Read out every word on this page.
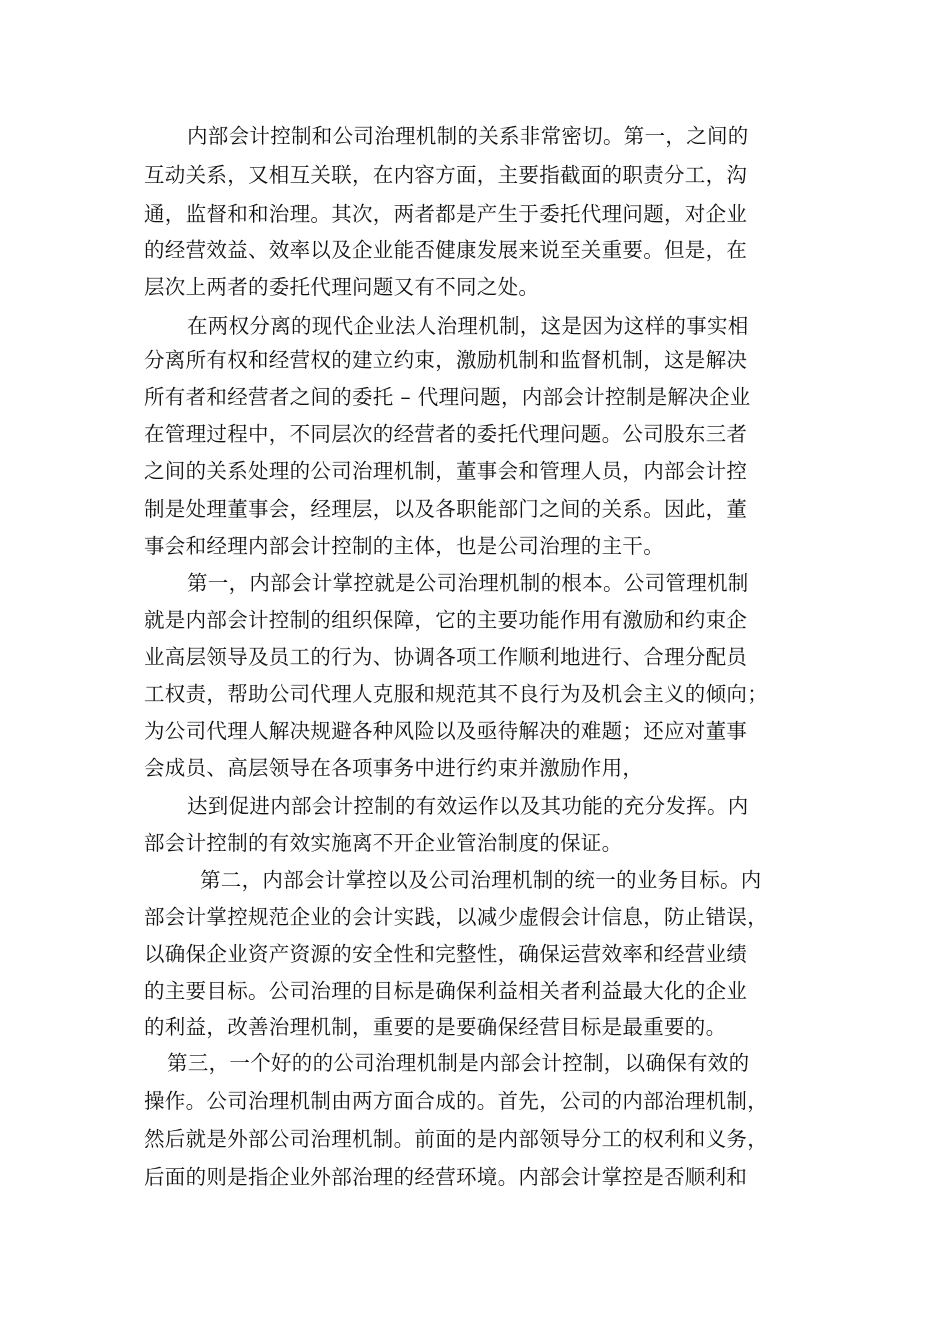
内部会计控制和公司治理机制的关系非常密切。第一，之间的
互动关系，又相互关联，在内容方面，主要指截面的职责分工，沟
通，监督和和治理。其次，两者都是产生于委托代理问题，对企业
的经营效益、效率以及企业能否健康发展来说至关重要。但是，在
层次上两者的委托代理问题又有不同之处。
在两权分离的现代企业法人治理机制，这是因为这样的事实相
分离所有权和经营权的建立约束，激励机制和监督机制，这是解决
所有者和经营者之间的委托 – 代理问题，内部会计控制是解决企业
在管理过程中，不同层次的经营者的委托代理问题。公司股东三者
之间的关系处理的公司治理机制，董事会和管理人员，内部会计控
制是处理董事会，经理层，以及各职能部门之间的关系。因此，董
事会和经理内部会计控制的主体，也是公司治理的主干。
第一，内部会计掌控就是公司治理机制的根本。公司管理机制
就是内部会计控制的组织保障，它的主要功能作用有激励和约束企
业高层领导及员工的行为、协调各项工作顺利地进行、合理分配员
工权责，帮助公司代理人克服和规范其不良行为及机会主义的倾向；
为公司代理人解决规避各种风险以及亟待解决的难题；还应对董事
会成员、高层领导在各项事务中进行约束并激励作用，
达到促进内部会计控制的有效运作以及其功能的充分发挥。内
部会计控制的有效实施离不开企业管治制度的保证。
第二，内部会计掌控以及公司治理机制的统一的业务目标。内
部会计掌控规范企业的会计实践，以减少虚假会计信息，防止错误，
以确保企业资产资源的安全性和完整性，确保运营效率和经营业绩
的主要目标。公司治理的目标是确保利益相关者利益最大化的企业
的利益，改善治理机制，重要的是要确保经营目标是最重要的。
第三，一个好的的公司治理机制是内部会计控制，以确保有效的
操作。公司治理机制由两方面合成的。首先，公司的内部治理机制，
然后就是外部公司治理机制。前面的是内部领导分工的权利和义务，
后面的则是指企业外部治理的经营环境。内部会计掌控是否顺利和
